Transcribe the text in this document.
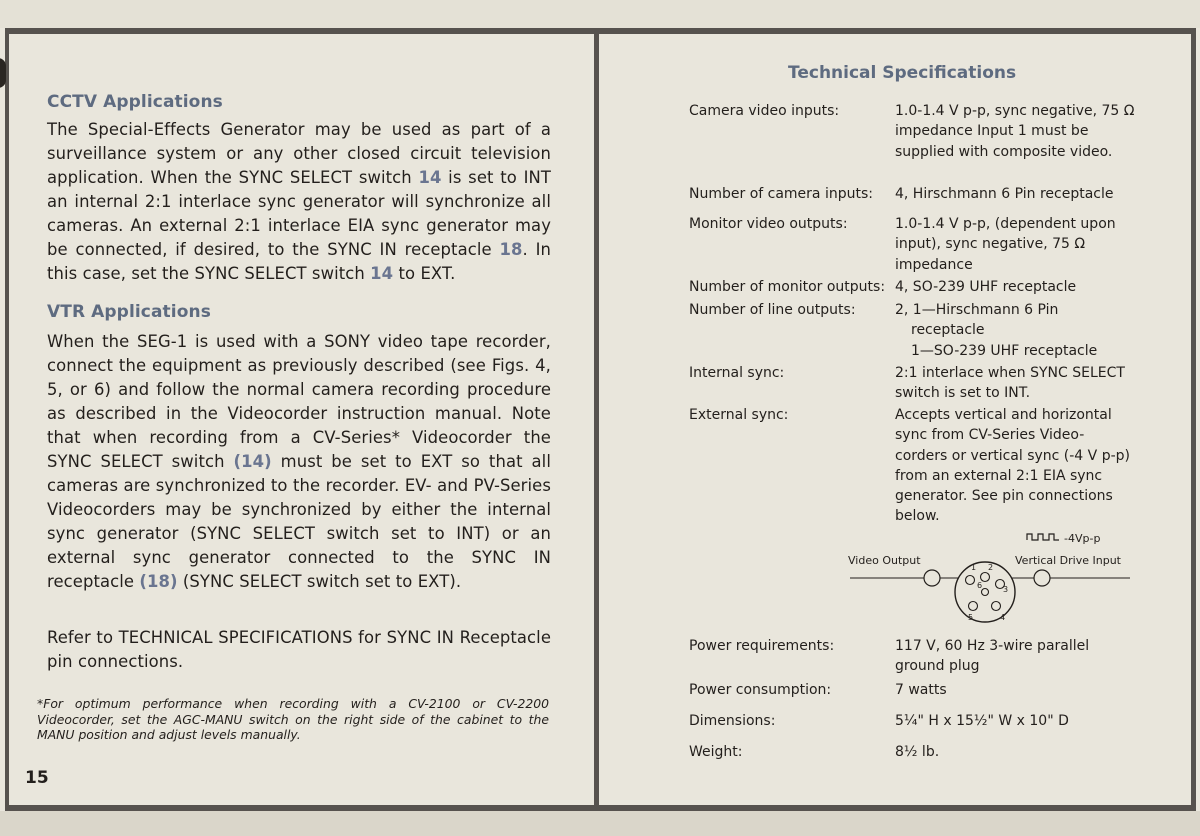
CCTV Applications

The Special-Effects Generator may be used as part of a surveillance system or any other closed circuit television application. When the SYNC SELECT switch 14 is set to INT an internal 2:1 interlace sync generator will synchronize all cameras. An external 2:1 interlace EIA sync generator may be connected, if desired, to the SYNC IN receptacle 18. In this case, set the SYNC SELECT switch 14 to EXT.

VTR Applications

When the SEG-1 is used with a SONY video tape recorder, connect the equipment as previously described (see Figs. 4, 5, or 6) and follow the normal camera recording procedure as described in the Videocorder instruction manual. Note that when recording from a CV-Series* Videocorder the SYNC SELECT switch (14) must be set to EXT so that all cameras are synchronized to the recorder. EV- and PV-Series Videocorders may be synchronized by either the internal sync generator (SYNC SELECT switch set to INT) or an external sync generator connected to the SYNC IN receptacle (18) (SYNC SELECT switch set to EXT).

Refer to TECHNICAL SPECIFICATIONS for SYNC IN Receptacle pin connections.

*For optimum performance when recording with a CV-2100 or CV-2200 Videocorder, set the AGC-MANU switch on the right side of the cabinet to the MANU position and adjust levels manually.

15

Technical Specifications
Camera video inputs:	1.0-1.4 V p-p, sync negative, 75 Ω impedance Input 1 must be supplied with composite video.
Number of camera inputs:	4, Hirschmann 6 Pin receptacle
Monitor video outputs:	1.0-1.4 V p-p, (dependent upon input), sync negative, 75 Ω impedance
Number of monitor outputs: 4, SO-239 UHF receptacle
Number of line outputs:	2, 1—Hirschmann 6 Pin
receptacle
1—SO-239 UHF receptacle
Internal sync:	2:1 interlace when SYNC SELECT switch is set to INT.
External sync:	Accepts vertical and horizontal sync from CV-Series Video-corders or vertical sync (-4 V p-p) from an external 2:1 EIA sync generator. See pin connections below.
-4Vp-p
Video Output	Vertical Drive Input
1 2
3
4
5
6
Power requirements:	117 V, 60 Hz 3-wire parallel ground plug
Power consumption:	7 watts
Dimensions:	5¼" H x 15½" W x 10" D
Weight:	8½ lb.
